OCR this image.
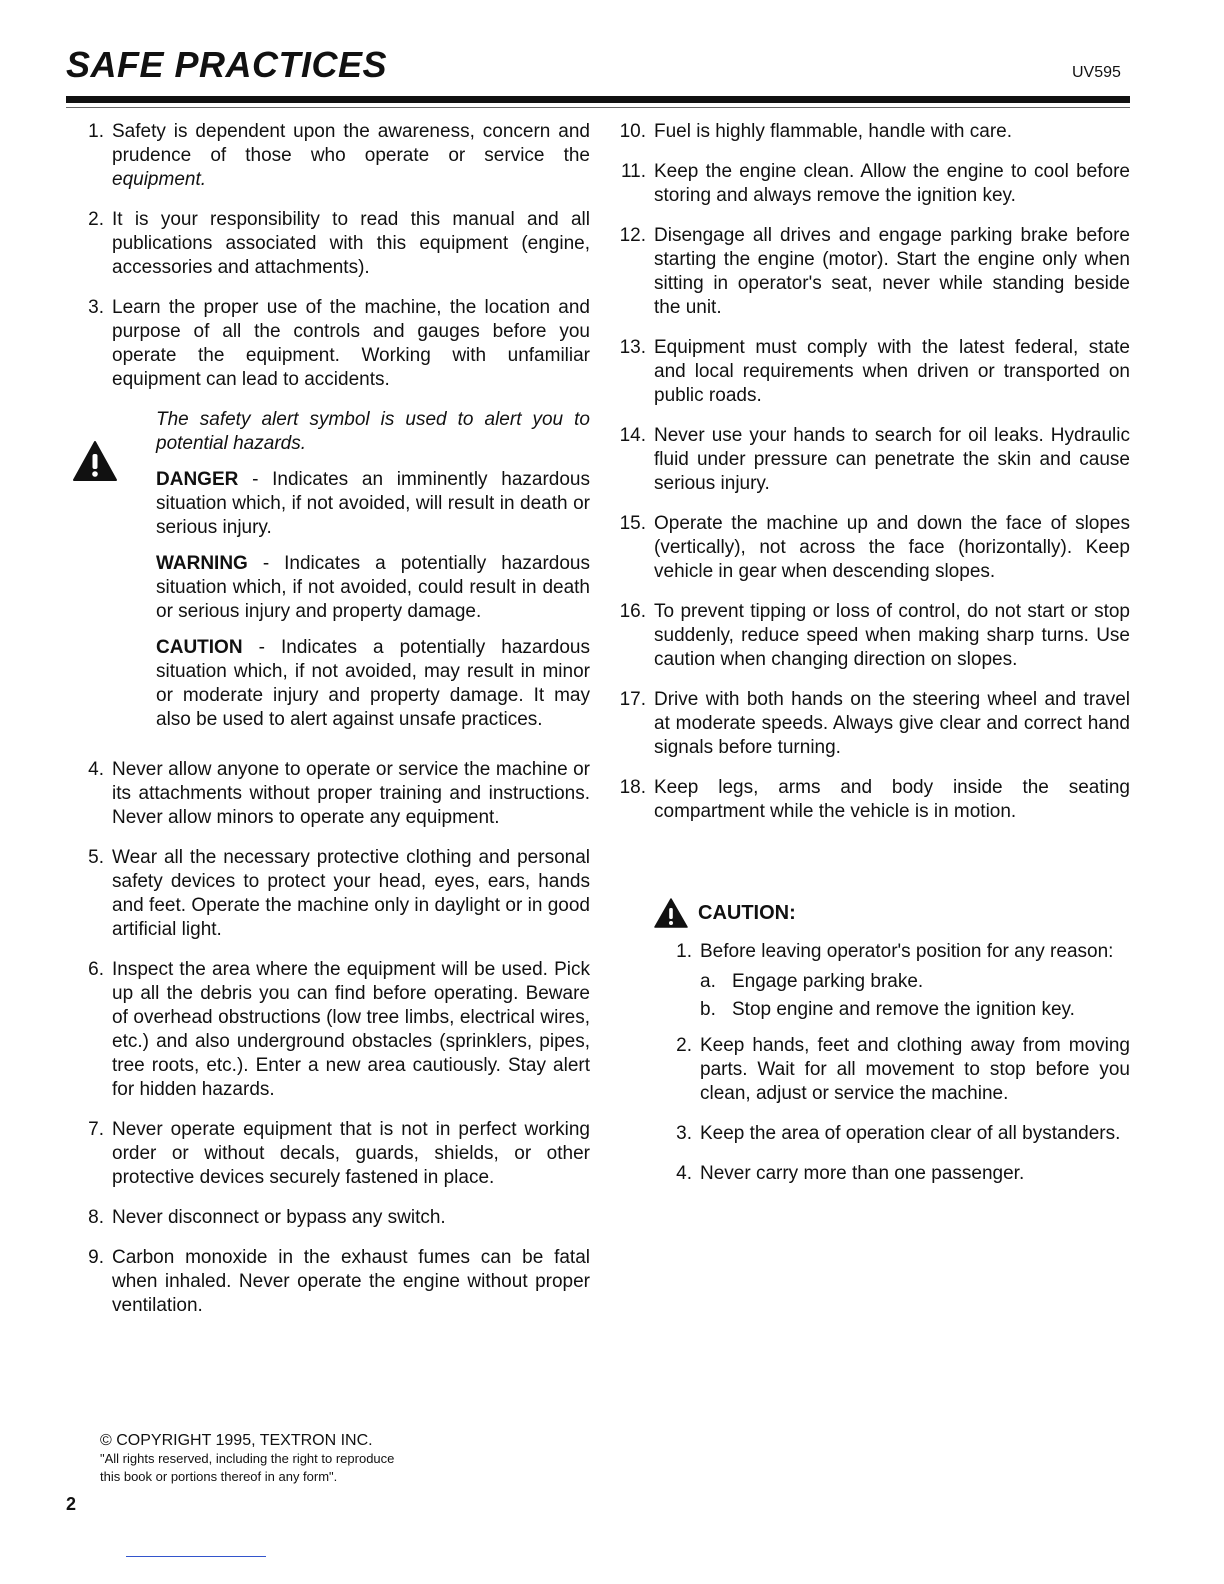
SAFE PRACTICES	UV595
1. Safety is dependent upon the awareness, concern and prudence of those who operate or service the equipment.
2. It is your responsibility to read this manual and all publications associated with this equipment (engine, accessories and attachments).
3. Learn the proper use of the machine, the location and purpose of all the controls and gauges before you operate the equipment. Working with unfamiliar equipment can lead to accidents.

The safety alert symbol is used to alert you to potential hazards.

DANGER - Indicates an imminently hazardous situation which, if not avoided, will result in death or serious injury.

WARNING - Indicates a potentially hazardous situation which, if not avoided, could result in death or serious injury and property damage.

CAUTION - Indicates a potentially hazardous situation which, if not avoided, may result in minor or moderate injury and property damage. It may also be used to alert against unsafe practices.

4. Never allow anyone to operate or service the machine or its attachments without proper training and instructions. Never allow minors to operate any equipment.
5. Wear all the necessary protective clothing and personal safety devices to protect your head, eyes, ears, hands and feet. Operate the machine only in daylight or in good artificial light.
6. Inspect the area where the equipment will be used. Pick up all the debris you can find before operating. Beware of overhead obstructions (low tree limbs, electrical wires, etc.) and also underground obstacles (sprinklers, pipes, tree roots, etc.). Enter a new area cautiously. Stay alert for hidden hazards.
7. Never operate equipment that is not in perfect working order or without decals, guards, shields, or other protective devices securely fastened in place.
8. Never disconnect or bypass any switch.
9. Carbon monoxide in the exhaust fumes can be fatal when inhaled. Never operate the engine without proper ventilation.
10. Fuel is highly flammable, handle with care.
11. Keep the engine clean. Allow the engine to cool before storing and always remove the ignition key.
12. Disengage all drives and engage parking brake before starting the engine (motor). Start the engine only when sitting in operator's seat, never while standing beside the unit.
13. Equipment must comply with the latest federal, state and local requirements when driven or transported on public roads.
14. Never use your hands to search for oil leaks. Hydraulic fluid under pressure can penetrate the skin and cause serious injury.
15. Operate the machine up and down the face of slopes (vertically), not across the face (horizontally). Keep vehicle in gear when descending slopes.
16. To prevent tipping or loss of control, do not start or stop suddenly, reduce speed when making sharp turns. Use caution when changing direction on slopes.
17. Drive with both hands on the steering wheel and travel at moderate speeds. Always give clear and correct hand signals before turning.
18. Keep legs, arms and body inside the seating compartment while the vehicle is in motion.
CAUTION:
1. Before leaving operator's position for any reason:
a. Engage parking brake.
b. Stop engine and remove the ignition key.
2. Keep hands, feet and clothing away from moving parts. Wait for all movement to stop before you clean, adjust or service the machine.
3. Keep the area of operation clear of all bystanders.
4. Never carry more than one passenger.
© COPYRIGHT 1995, TEXTRON INC.
"All rights reserved, including the right to reproduce
this book or portions thereof in any form".
2
